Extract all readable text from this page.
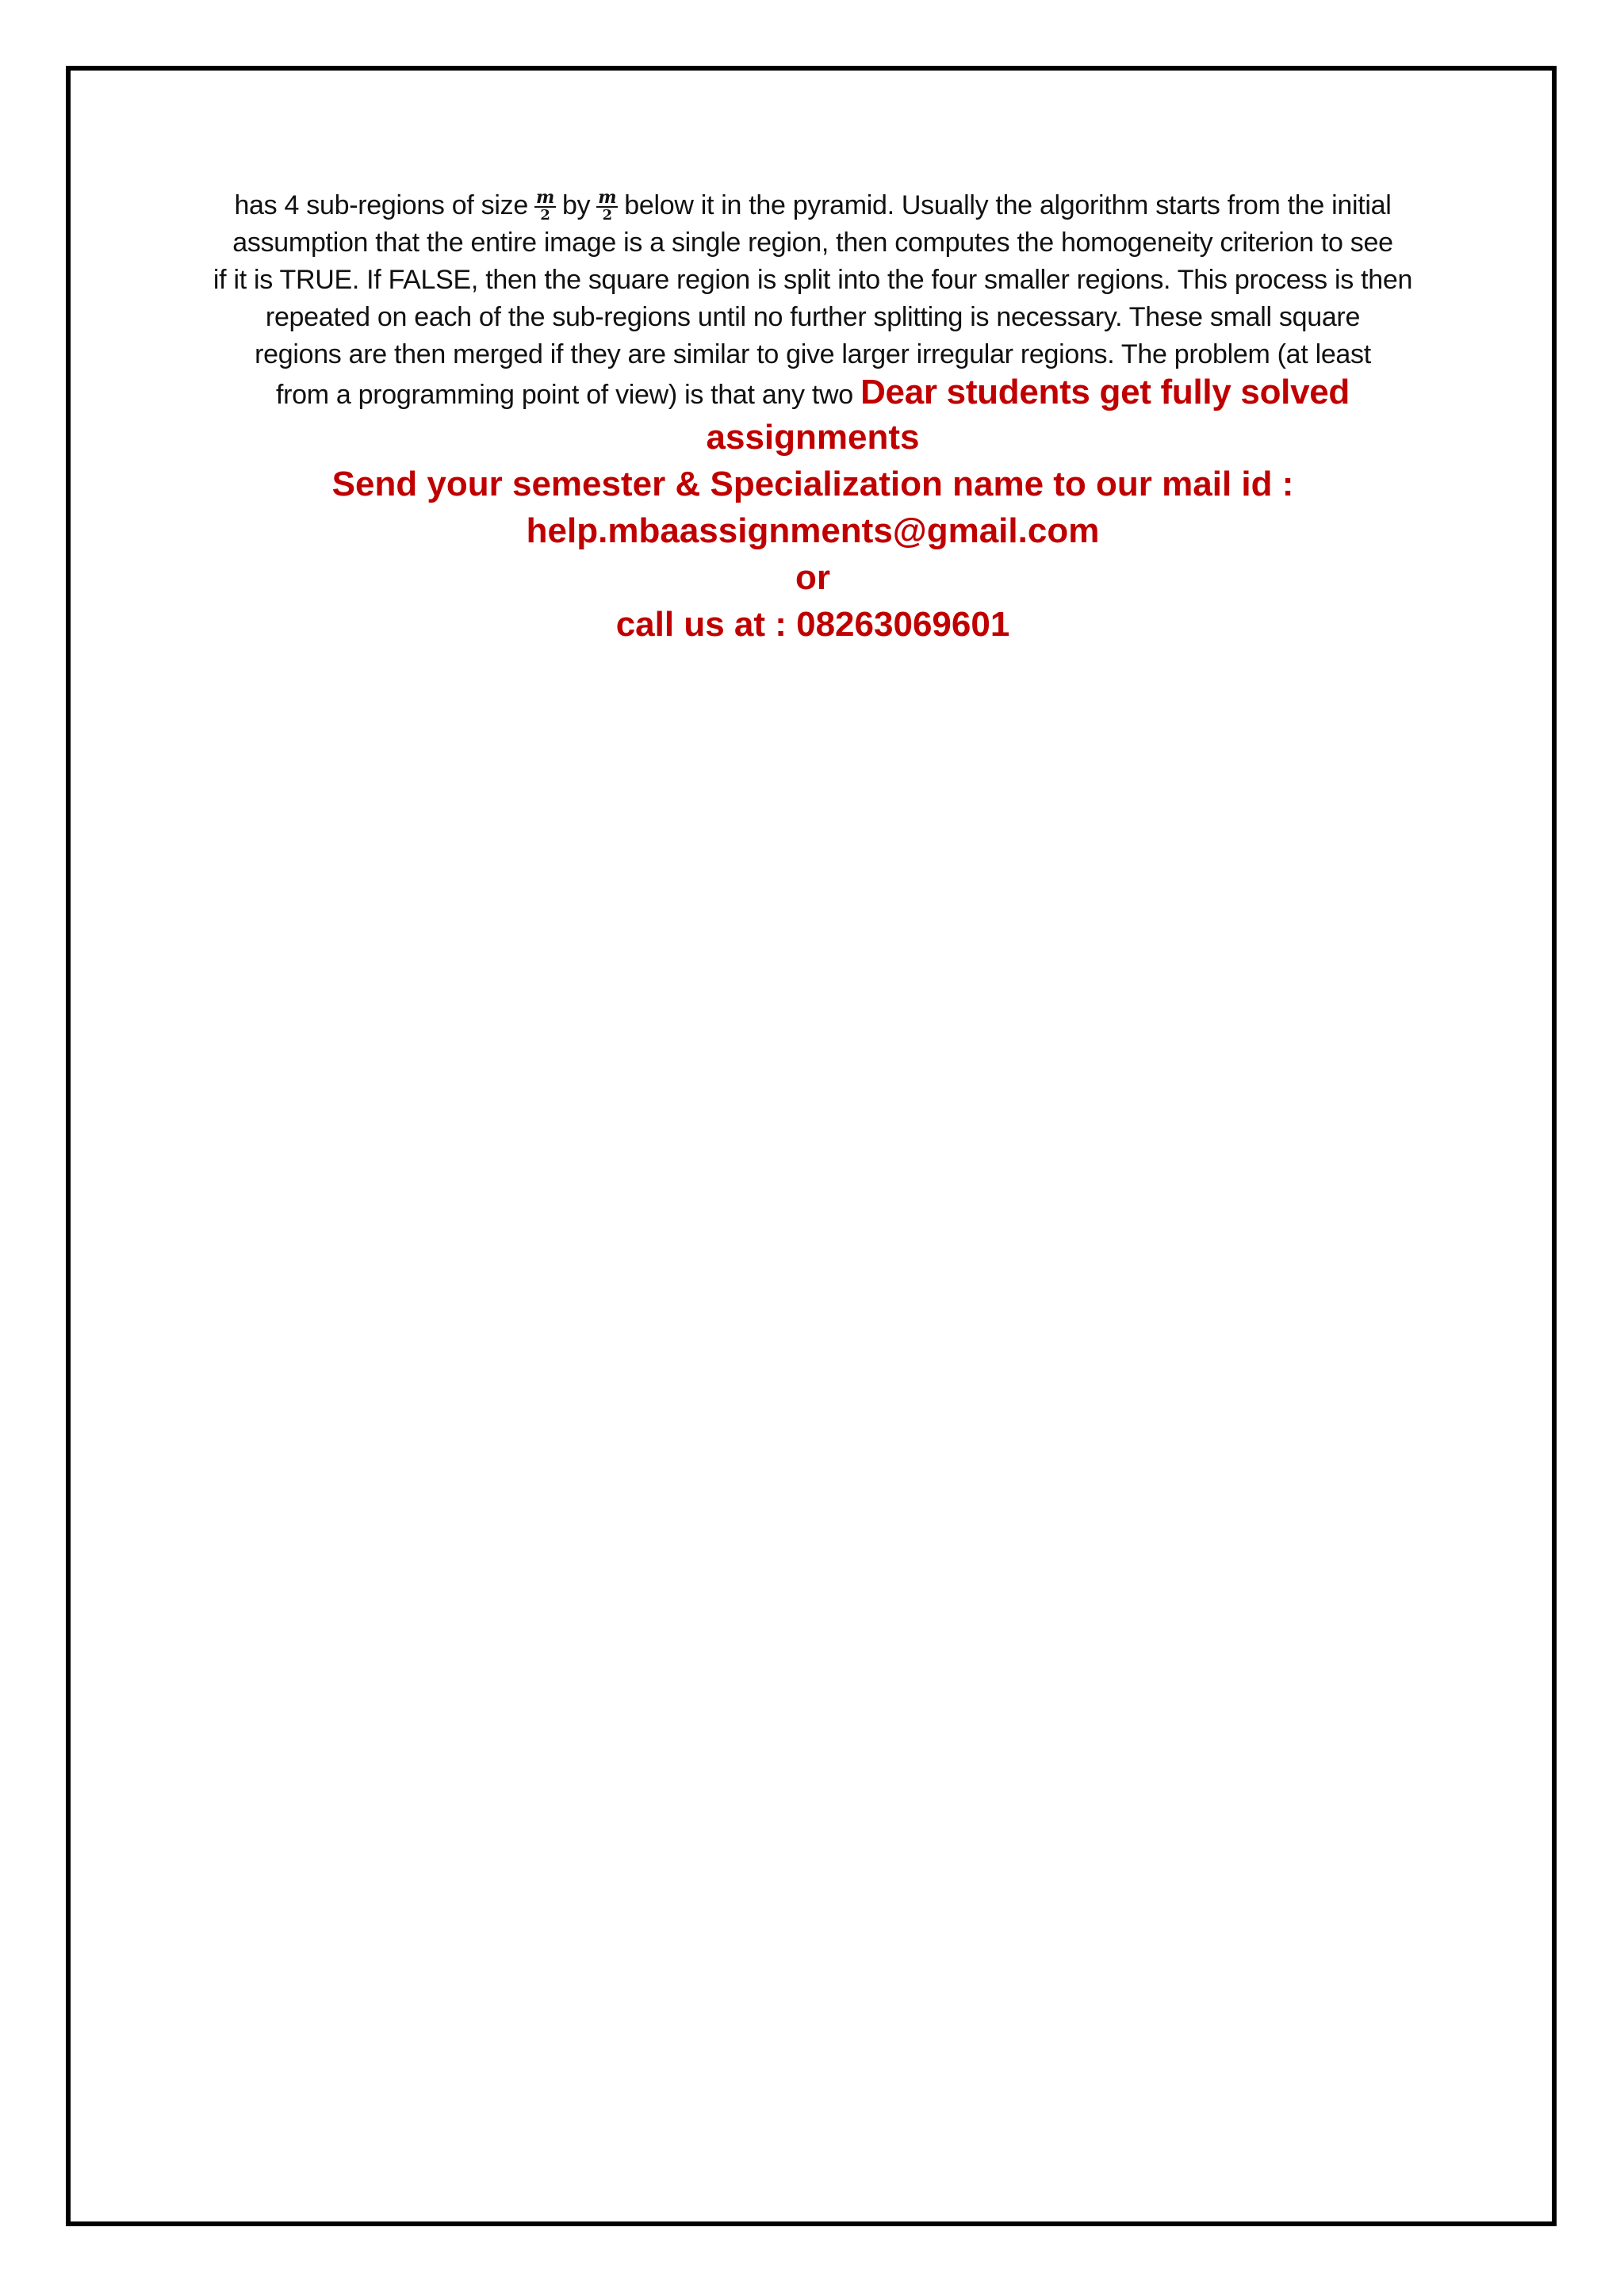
has 4 sub-regions of size $\frac{m}{2}$ by $\frac{m}{2}$ below it in the pyramid. Usually the algorithm starts from the initial
assumption that the entire image is a single region, then computes the homogeneity criterion to see
if it is TRUE. If FALSE, then the square region is split into the four smaller regions. This process is then
repeated on each of the sub-regions until no further splitting is necessary. These small square
regions are then merged if they are similar to give larger irregular regions. The problem (at least
from a programming point of view) is that any two Dear students get fully solved
assignments
Send your semester & Specialization name to our mail id :
help.mbaassignments@gmail.com
or
call us at : 08263069601
